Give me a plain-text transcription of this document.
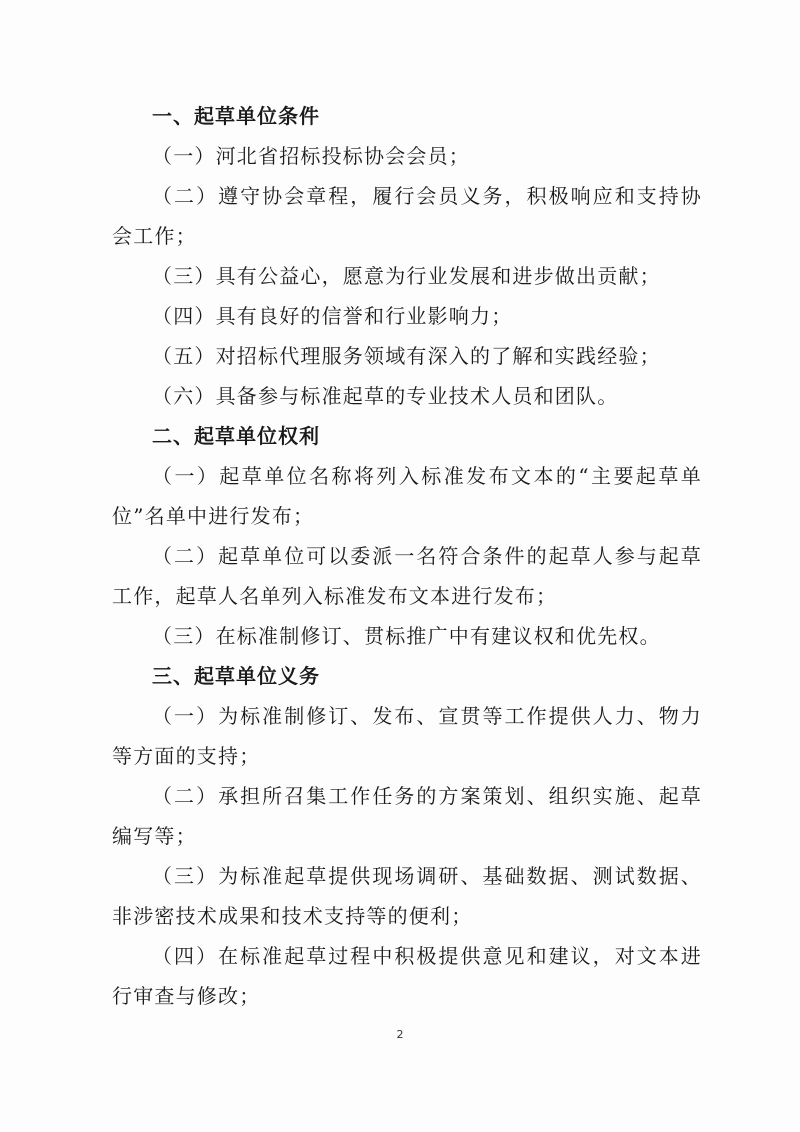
一、起草单位条件

（一）河北省招标投标协会会员；

（二）遵守协会章程，履行会员义务，积极响应和支持协会工作；

（三）具有公益心，愿意为行业发展和进步做出贡献；

（四）具有良好的信誉和行业影响力；

（五）对招标代理服务领域有深入的了解和实践经验；

（六）具备参与标准起草的专业技术人员和团队。

二、起草单位权利

（一）起草单位名称将列入标准发布文本的“主要起草单位”名单中进行发布；

（二）起草单位可以委派一名符合条件的起草人参与起草工作，起草人名单列入标准发布文本进行发布；

（三）在标准制修订、贯标推广中有建议权和优先权。

三、起草单位义务

（一）为标准制修订、发布、宣贯等工作提供人力、物力等方面的支持；

（二）承担所召集工作任务的方案策划、组织实施、起草编写等；

（三）为标准起草提供现场调研、基础数据、测试数据、非涉密技术成果和技术支持等的便利；

（四）在标准起草过程中积极提供意见和建议，对文本进行审查与修改；

2
